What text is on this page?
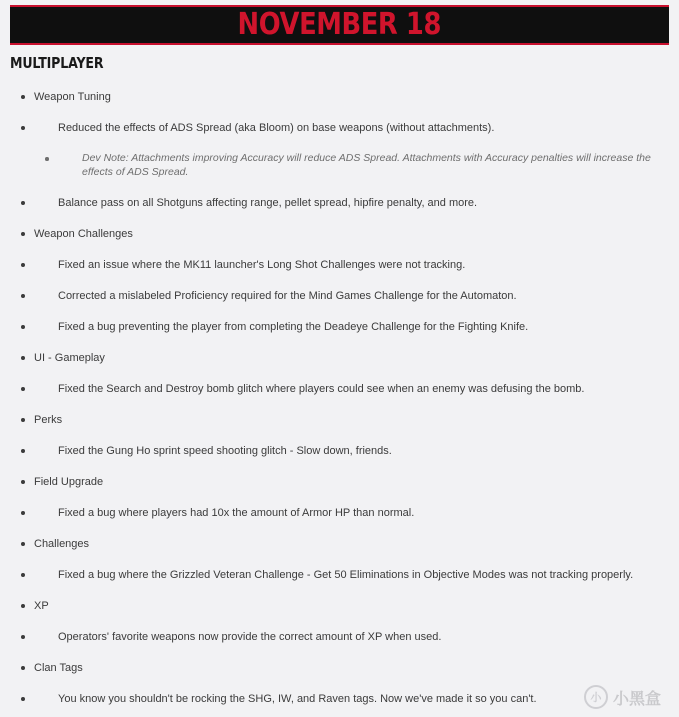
NOVEMBER 18
MULTIPLAYER
Weapon Tuning
Reduced the effects of ADS Spread (aka Bloom) on base weapons (without attachments).
Dev Note: Attachments improving Accuracy will reduce ADS Spread. Attachments with Accuracy penalties will increase the effects of ADS Spread.
Balance pass on all Shotguns affecting range, pellet spread, hipfire penalty, and more.
Weapon Challenges
Fixed an issue where the MK11 launcher's Long Shot Challenges were not tracking.
Corrected a mislabeled Proficiency required for the Mind Games Challenge for the Automaton.
Fixed a bug preventing the player from completing the Deadeye Challenge for the Fighting Knife.
UI - Gameplay
Fixed the Search and Destroy bomb glitch where players could see when an enemy was defusing the bomb.
Perks
Fixed the Gung Ho sprint speed shooting glitch - Slow down, friends.
Field Upgrade
Fixed a bug where players had 10x the amount of Armor HP than normal.
Challenges
Fixed a bug where the Grizzled Veteran Challenge - Get 50 Eliminations in Objective Modes was not tracking properly.
XP
Operators' favorite weapons now provide the correct amount of XP when used.
Clan Tags
You know you shouldn't be rocking the SHG, IW, and Raven tags. Now we've made it so you can't.	小 小黑盒
